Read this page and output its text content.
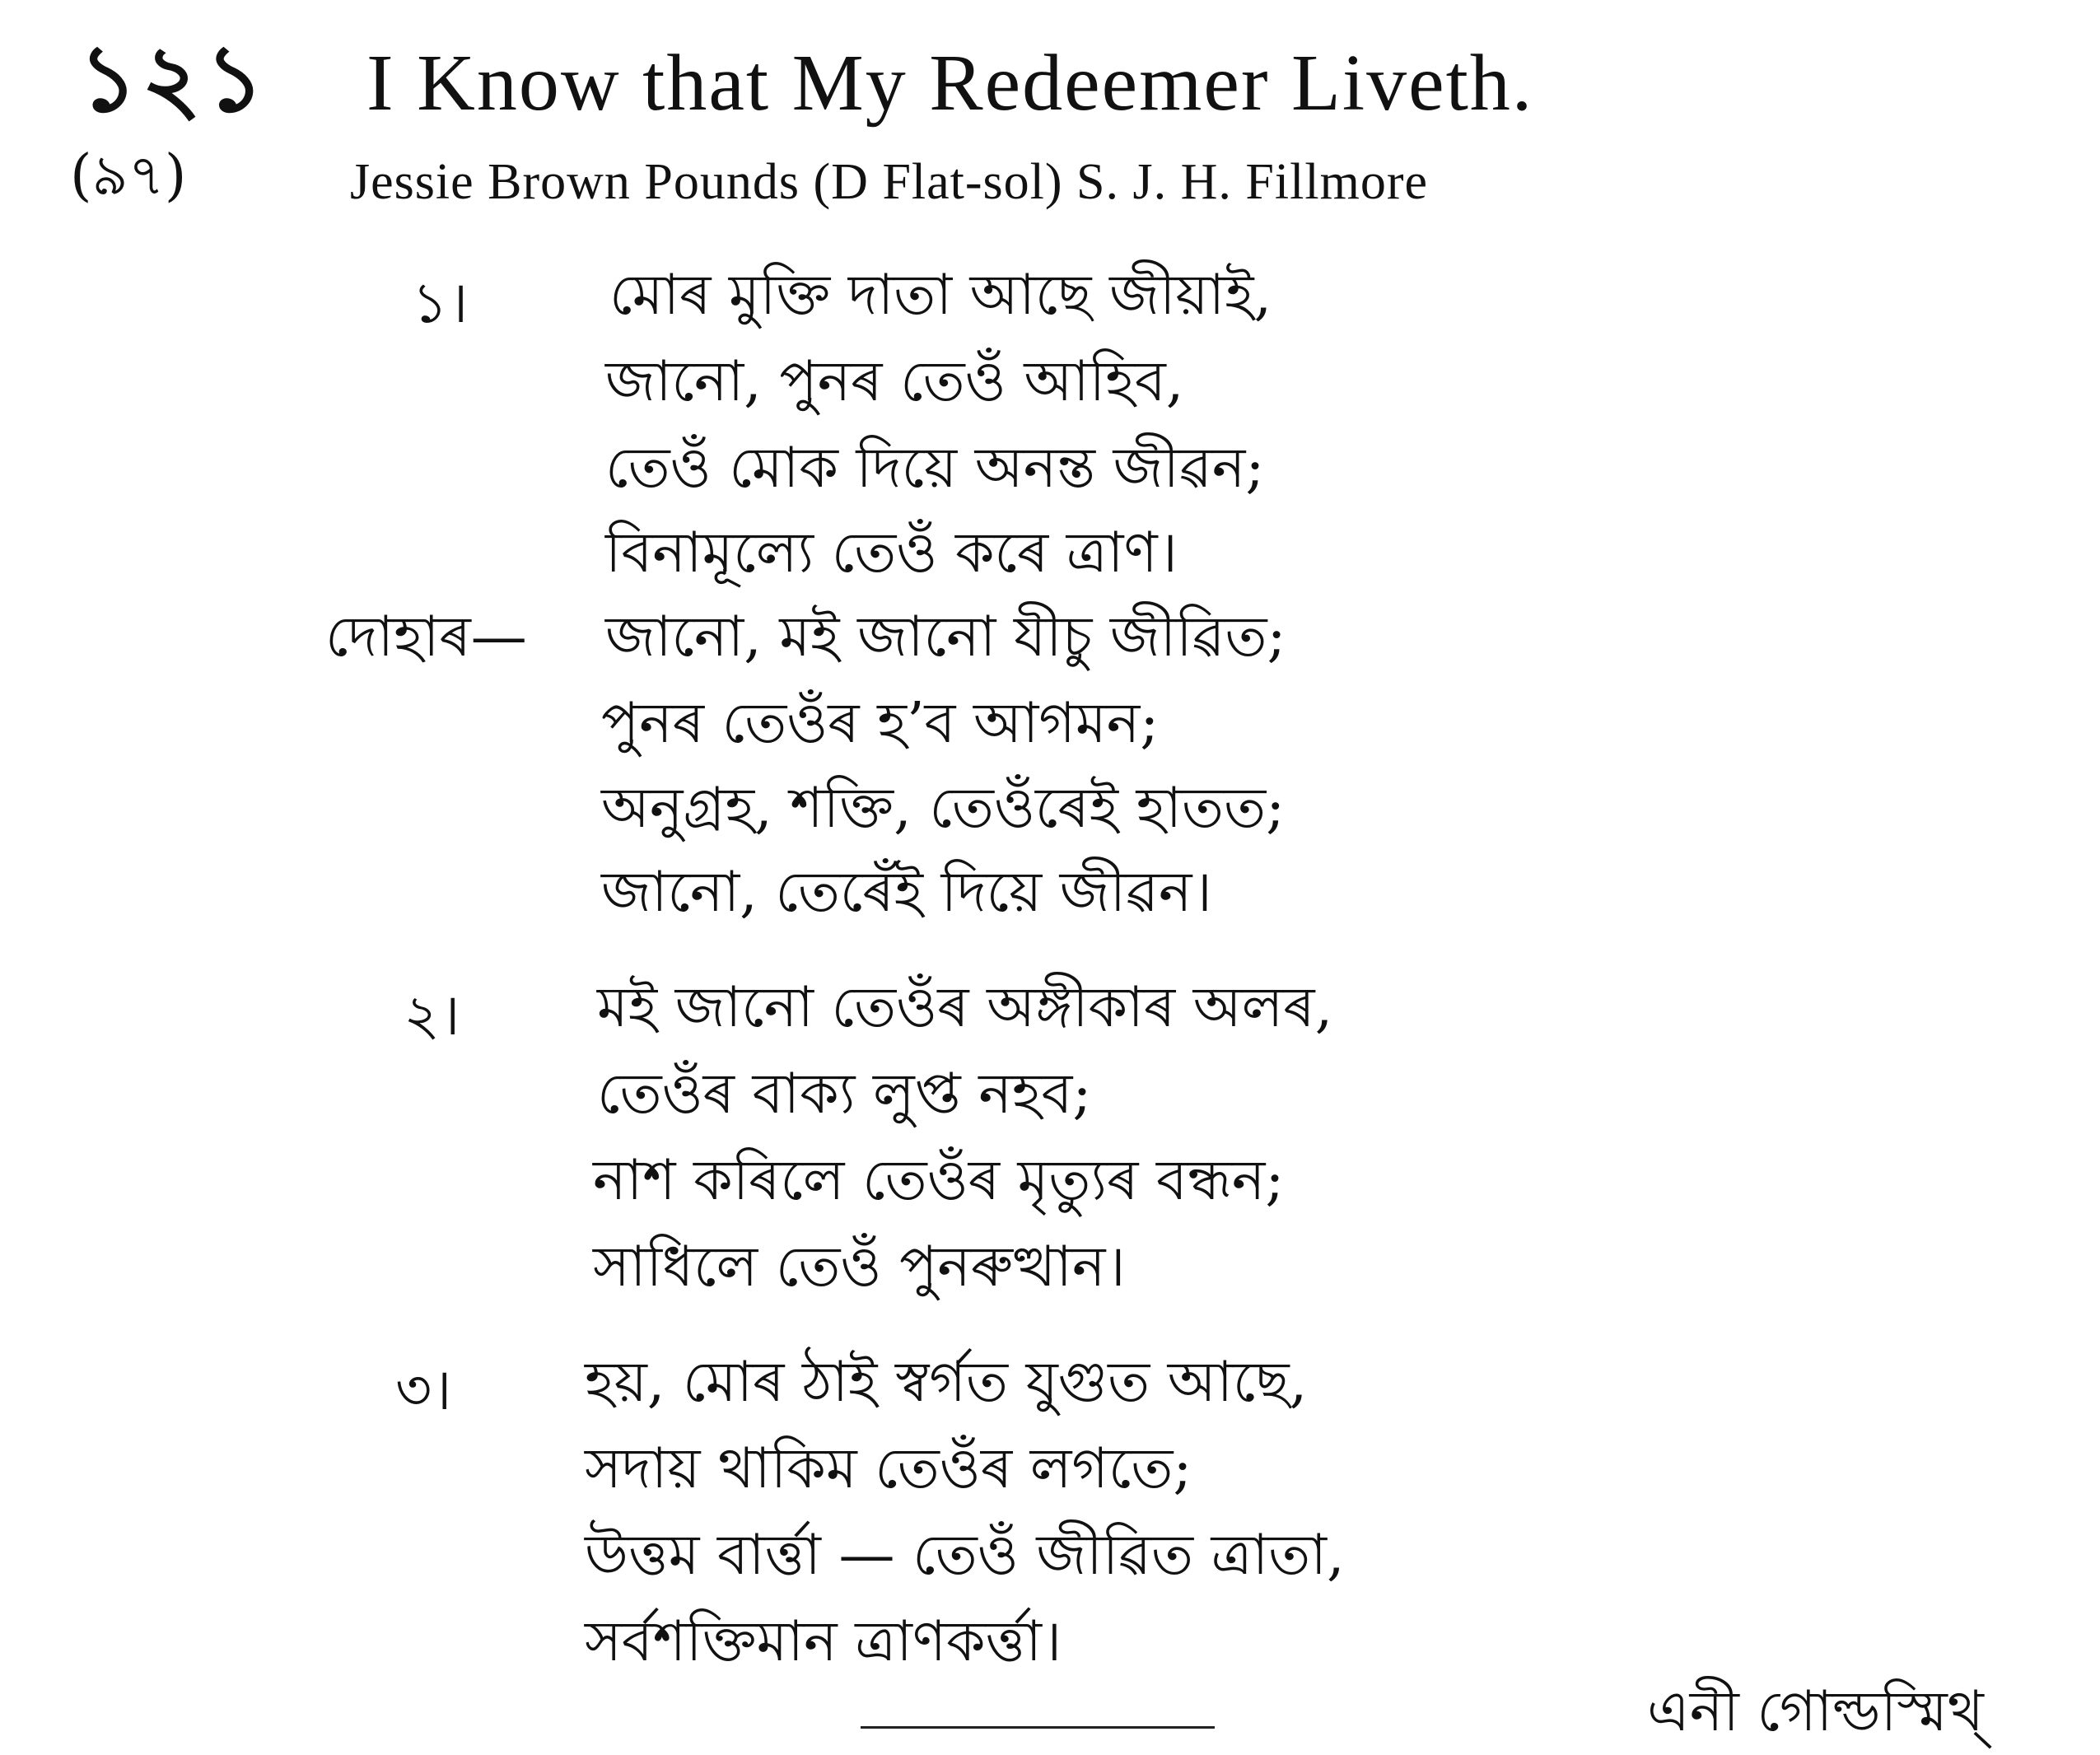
১২১ I Know that My Redeemer Liveth.
(৯৭)	Jessie Brown Pounds (D Flat-sol) S. J. H. Fillmore
১।	মোৰ মুক্তি দাতা আছে জীয়াই,
জানো, পুনৰ তেওঁ আহিব,
তেওঁ মোক দিয়ে অনন্ত জীৱন;
বিনামূল্যে তেওঁ কৰে ত্ৰাণ।
দোহাৰ— জানো, মই জানো যীচু জীৱিত;
পুনৰ তেওঁৰ হ’ব আগমন;
অনুগ্ৰহ, শক্তি, তেওঁৰেই হাতত;
জানো, তেৰেঁই দিয়ে জীৱন।
২। মই জানো তেওঁৰ অঙ্গীকাৰ অলৰ,
তেওঁৰ বাক্য লুপ্ত নহব;
নাশ কৰিলে তেওঁৰ মৃত্যুৰ বন্ধন;
সাধিলে তেওঁ পুনৰুত্থান।
৩। হয়, মোৰ ঠাই স্বৰ্গত যুগুত আছে,
সদায় থাকিম তেওঁৰ লগতে;
উত্তম বাৰ্ত্তা — তেওঁ জীৱিত ত্ৰাতা,
সৰ্বশক্তিমান ত্ৰাণকৰ্ত্তা।
এনী গোল্ডস্মিথ্
